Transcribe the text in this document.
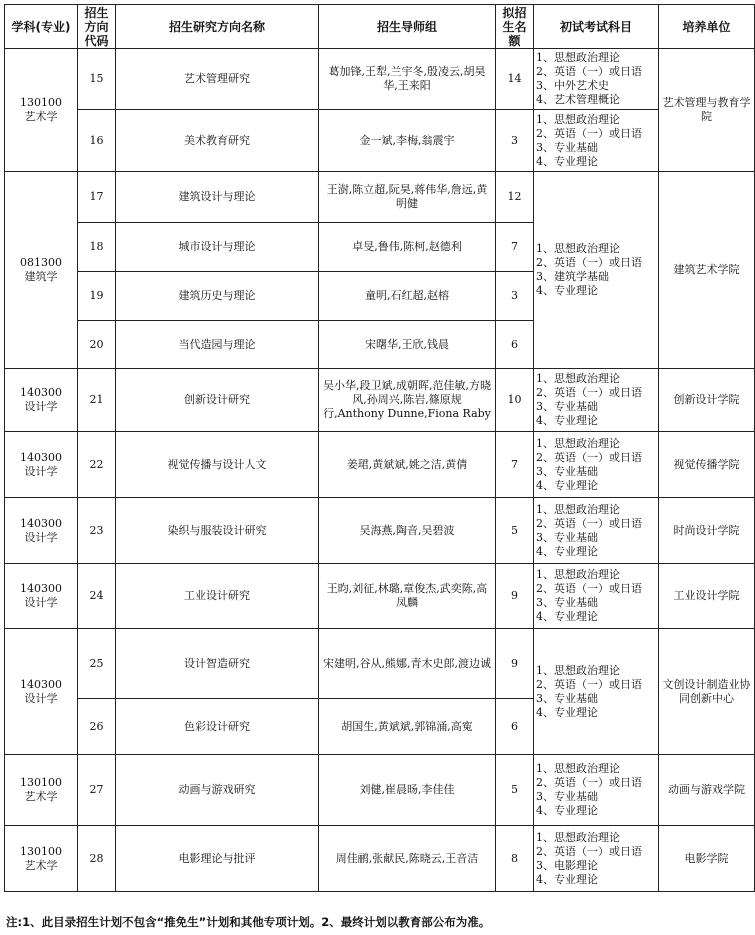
学科(专业)	招生方向代码	招生研究方向名称	招生导师组	拟招生名额	初试考试科目	培养单位
130100
艺术学	15	艺术管理研究	葛加锋,王犁,兰宇冬,殷凌云,胡昊华,王来阳	14	1、思想政治理论
2、英语（一）或日语
3、中外艺术史
4、艺术管理概论	艺术管理与教育学院
	16	美术教育研究	金一斌,李梅,翁震宇	3	1、思想政治理论
2、英语（一）或日语
3、专业基础
4、专业理论	

081300
建筑学	17	建筑设计与理论	王澍,陈立超,阮昊,蒋伟华,詹远,黄明健	12	1、思想政治理论
2、英语（一）或日语
3、建筑学基础
4、专业理论	建筑艺术学院
	18	城市设计与理论	卓旻,鲁伟,陈柯,赵德利	7		
	19	建筑历史与理论	童明,石红超,赵榕	3		
	20	当代造园与理论	宋曙华,王欣,钱晨	6		
140300
设计学	21	创新设计研究	吴小华,段卫斌,成朝晖,范佳敏,方晓风,孙周兴,陈岩,篠原规行,Anthony Dunne,Fiona Raby	10	1、思想政治理论
2、英语（一）或日语
3、专业基础
4、专业理论	创新设计学院
140300
设计学	22	视觉传播与设计人文	姜珺,黄斌斌,姚之洁,黄倩	7	1、思想政治理论
2、英语（一）或日语
3、专业基础
4、专业理论	视觉传播学院
140300
设计学	23	染织与服装设计研究	吴海燕,陶音,吴碧波	5	1、思想政治理论
2、英语（一）或日语
3、专业基础
4、专业理论	时尚设计学院
140300
设计学	24	工业设计研究	王昀,刘征,林璐,章俊杰,武奕陈,高凤麟	9	1、思想政治理论
2、英语（一）或日语
3、专业基础
4、专业理论	工业设计学院
140300
设计学	25	设计智造研究	宋建明,谷从,熊娜,青木史郎,渡边诚	9	1、思想政治理论
2、英语（一）或日语
3、专业基础
4、专业理论	文创设计制造业协同创新中心
	26	色彩设计研究	胡国生,黄斌斌,郭锦涌,高寃	6		
130100
艺术学	27	动画与游戏研究	刘健,崔晨旸,李佳佳	5	1、思想政治理论
2、英语（一）或日语
3、专业基础
4、专业理论	动画与游戏学院
130100
艺术学	28	电影理论与批评	周佳鹂,张献民,陈晓云,王音洁	8	1、思想政治理论
2、英语（一）或日语
3、电影理论
4、专业理论	电影学院
注:1、此目录招生计划不包含“推免生”计划和其他专项计划。2、最终计划以教育部公布为准。
